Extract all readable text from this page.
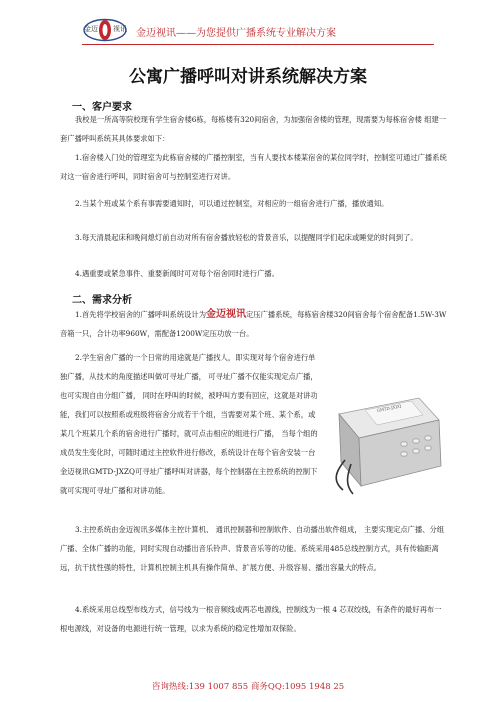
金迈 视讯 金迈视讯——为您提供广播系统专业解决方案
公寓广播呼叫对讲系统解决方案
一、客户要求

我校是一所高等院校现有学生宿舍楼6栋，每栋楼有320间宿舍，为加强宿舍楼的管理，现需要为每栋宿舍楼 组建一套广播呼叫系统其具体要求如下：

1.宿舍楼入门处的管理室为此栋宿舍楼的广播控制室，当有人要找本楼某宿舍的某位同学时，控制室可通过广播系统对这一宿舍进行呼叫，同时宿舍可与控制室进行对讲。

2.当某个班或某个系有事需要通知时，可以通过控制室，对相应的一组宿舍进行广播，播放通知。

3.每天清晨起床和晚间熄灯前自动对所有宿舍播放轻松的背景音乐，以提醒同学们起床或睡觉的时间到了。

4.遇重要或紧急事件、重要新闻时可对每个宿舍同时进行广播。

二、需求分析

1.首先将学校宿舍的广播呼叫系统设计为金迈视讯定压广播系统，每栋宿舍楼320间宿舍每个宿舍配备1.5W-3W音箱一只，合计功率960W，需配备1200W定压功放一台。

2.学生宿舍广播的一个日常的用途就是广播找人，即实现对每个宿舍进行单独广播，从技术的角度描述叫做可寻址广播， 可寻址广播不仅能实现定点广播，也可实现自由分组广播， 同时在呼叫的时候，被呼叫方要有回应，这就是对讲功能，我们可以按照系或班级将宿舍分成若干个组，当需要对某个班、某个系，或某几个班某几个系的宿舍进行广播时，就可点击相应的组进行广播， 当每个组的成员发生变化时，可随时通过主控软件进行修改，系统设计在每个宿舍安装一台金迈视讯GMTD-JXZQ可寻址广播呼叫对讲器，每个控制器在主控系统的控制下就可实现可寻址广播和对讲功能。

GMTD-JXZQ

3.主控系统由金迈视讯多媒体主控计算机、 通讯控制器和控制软件、自动播出软件组成， 主要实现定点广播、分组广播、全体广播的功能，同时实现自动播出音乐铃声、背景音乐等的功能。系统采用485总线控制方式，具有传输距离远，抗干扰性强的特性，计算机控制主机具有操作简单、扩展方便、升级容易、播出容量大的特点。

4.系统采用总线型布线方式，信号线为一根音频线或两芯电源线，控制线为一根 4 芯双绞线，有条件的最好再布一根电源线，对设备的电源进行统一管理，以求为系统的稳定性增加双保险。

咨询热线:139 1007 855 商务QQ:1095 1948 25
